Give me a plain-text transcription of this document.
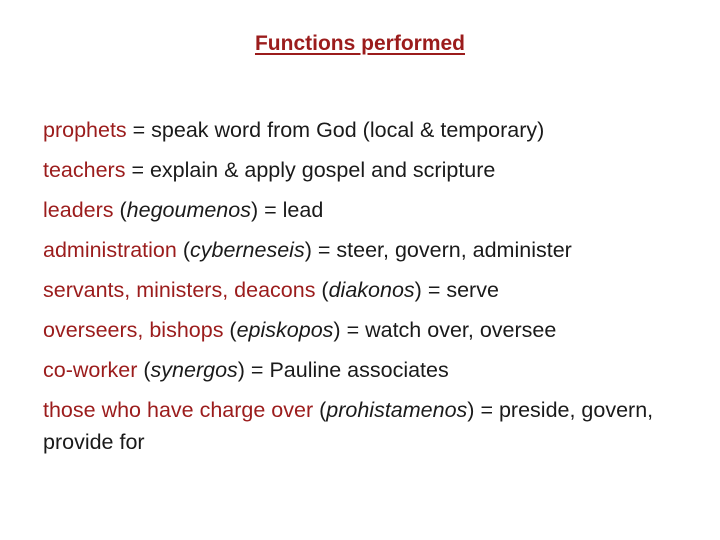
Functions performed
prophets = speak word from God (local & temporary)
teachers = explain & apply gospel and scripture
leaders (hegoumenos) = lead
administration (cyberneseis) = steer, govern, administer
servants, ministers, deacons (diakonos) = serve
overseers, bishops (episkopos) = watch over, oversee
co-worker (synergos) = Pauline associates
those who have charge over (prohistamenos) = preside, govern, provide for
